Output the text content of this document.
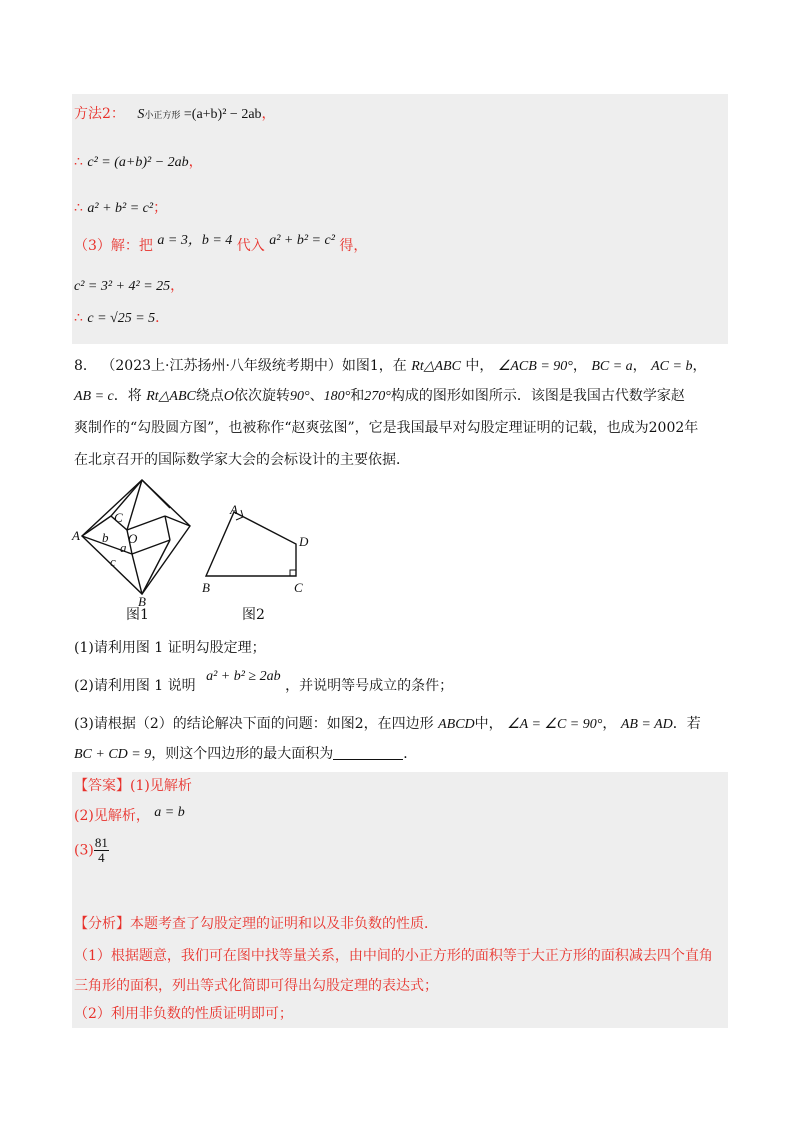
方法2： S小正方形 =(a+b)² − 2ab，
∴ c² = (a+b)² − 2ab，
∴ a² + b² = c²；
（3）解：把 a = 3，b = 4 代入 a² + b² = c² 得，
c² = 3² + 4² = 25，
∴ c = √25 = 5．
8． （2023上·江苏扬州·八年级统考期中）如图1，在 Rt△ABC 中， ∠ACB = 90°， BC = a， AC = b，
AB = c．将 Rt△ABC绕点O依次旋转90°、180°和270°构成的图形如图所示．该图是我国古代数学家赵
爽制作的“勾股圆方图”，也被称作“赵爽弦图”，它是我国最早对勾股定理证明的记载，也成为2002年
在北京召开的国际数学家大会的会标设计的主要依据．
A
B
C
O
a
b
c
A
D
B	C
图1	图2
(1)请利用图 1 证明勾股定理；
(2)请利用图 1 说明 a² + b² ≥ 2ab ，并说明等号成立的条件；
(3)请根据（2）的结论解决下面的问题：如图2，在四边形 ABCD中， ∠A = ∠C = 90°， AB = AD．若
BC + CD = 9，则这个四边形的最大面积为	．
【答案】(1)见解析
(2)见解析， a = b
$(3) \frac{81}{4}$
【分析】本题考查了勾股定理的证明和以及非负数的性质．
（1）根据题意，我们可在图中找等量关系，由中间的小正方形的面积等于大正方形的面积减去四个直角
三角形的面积，列出等式化简即可得出勾股定理的表达式；
（2）利用非负数的性质证明即可；
